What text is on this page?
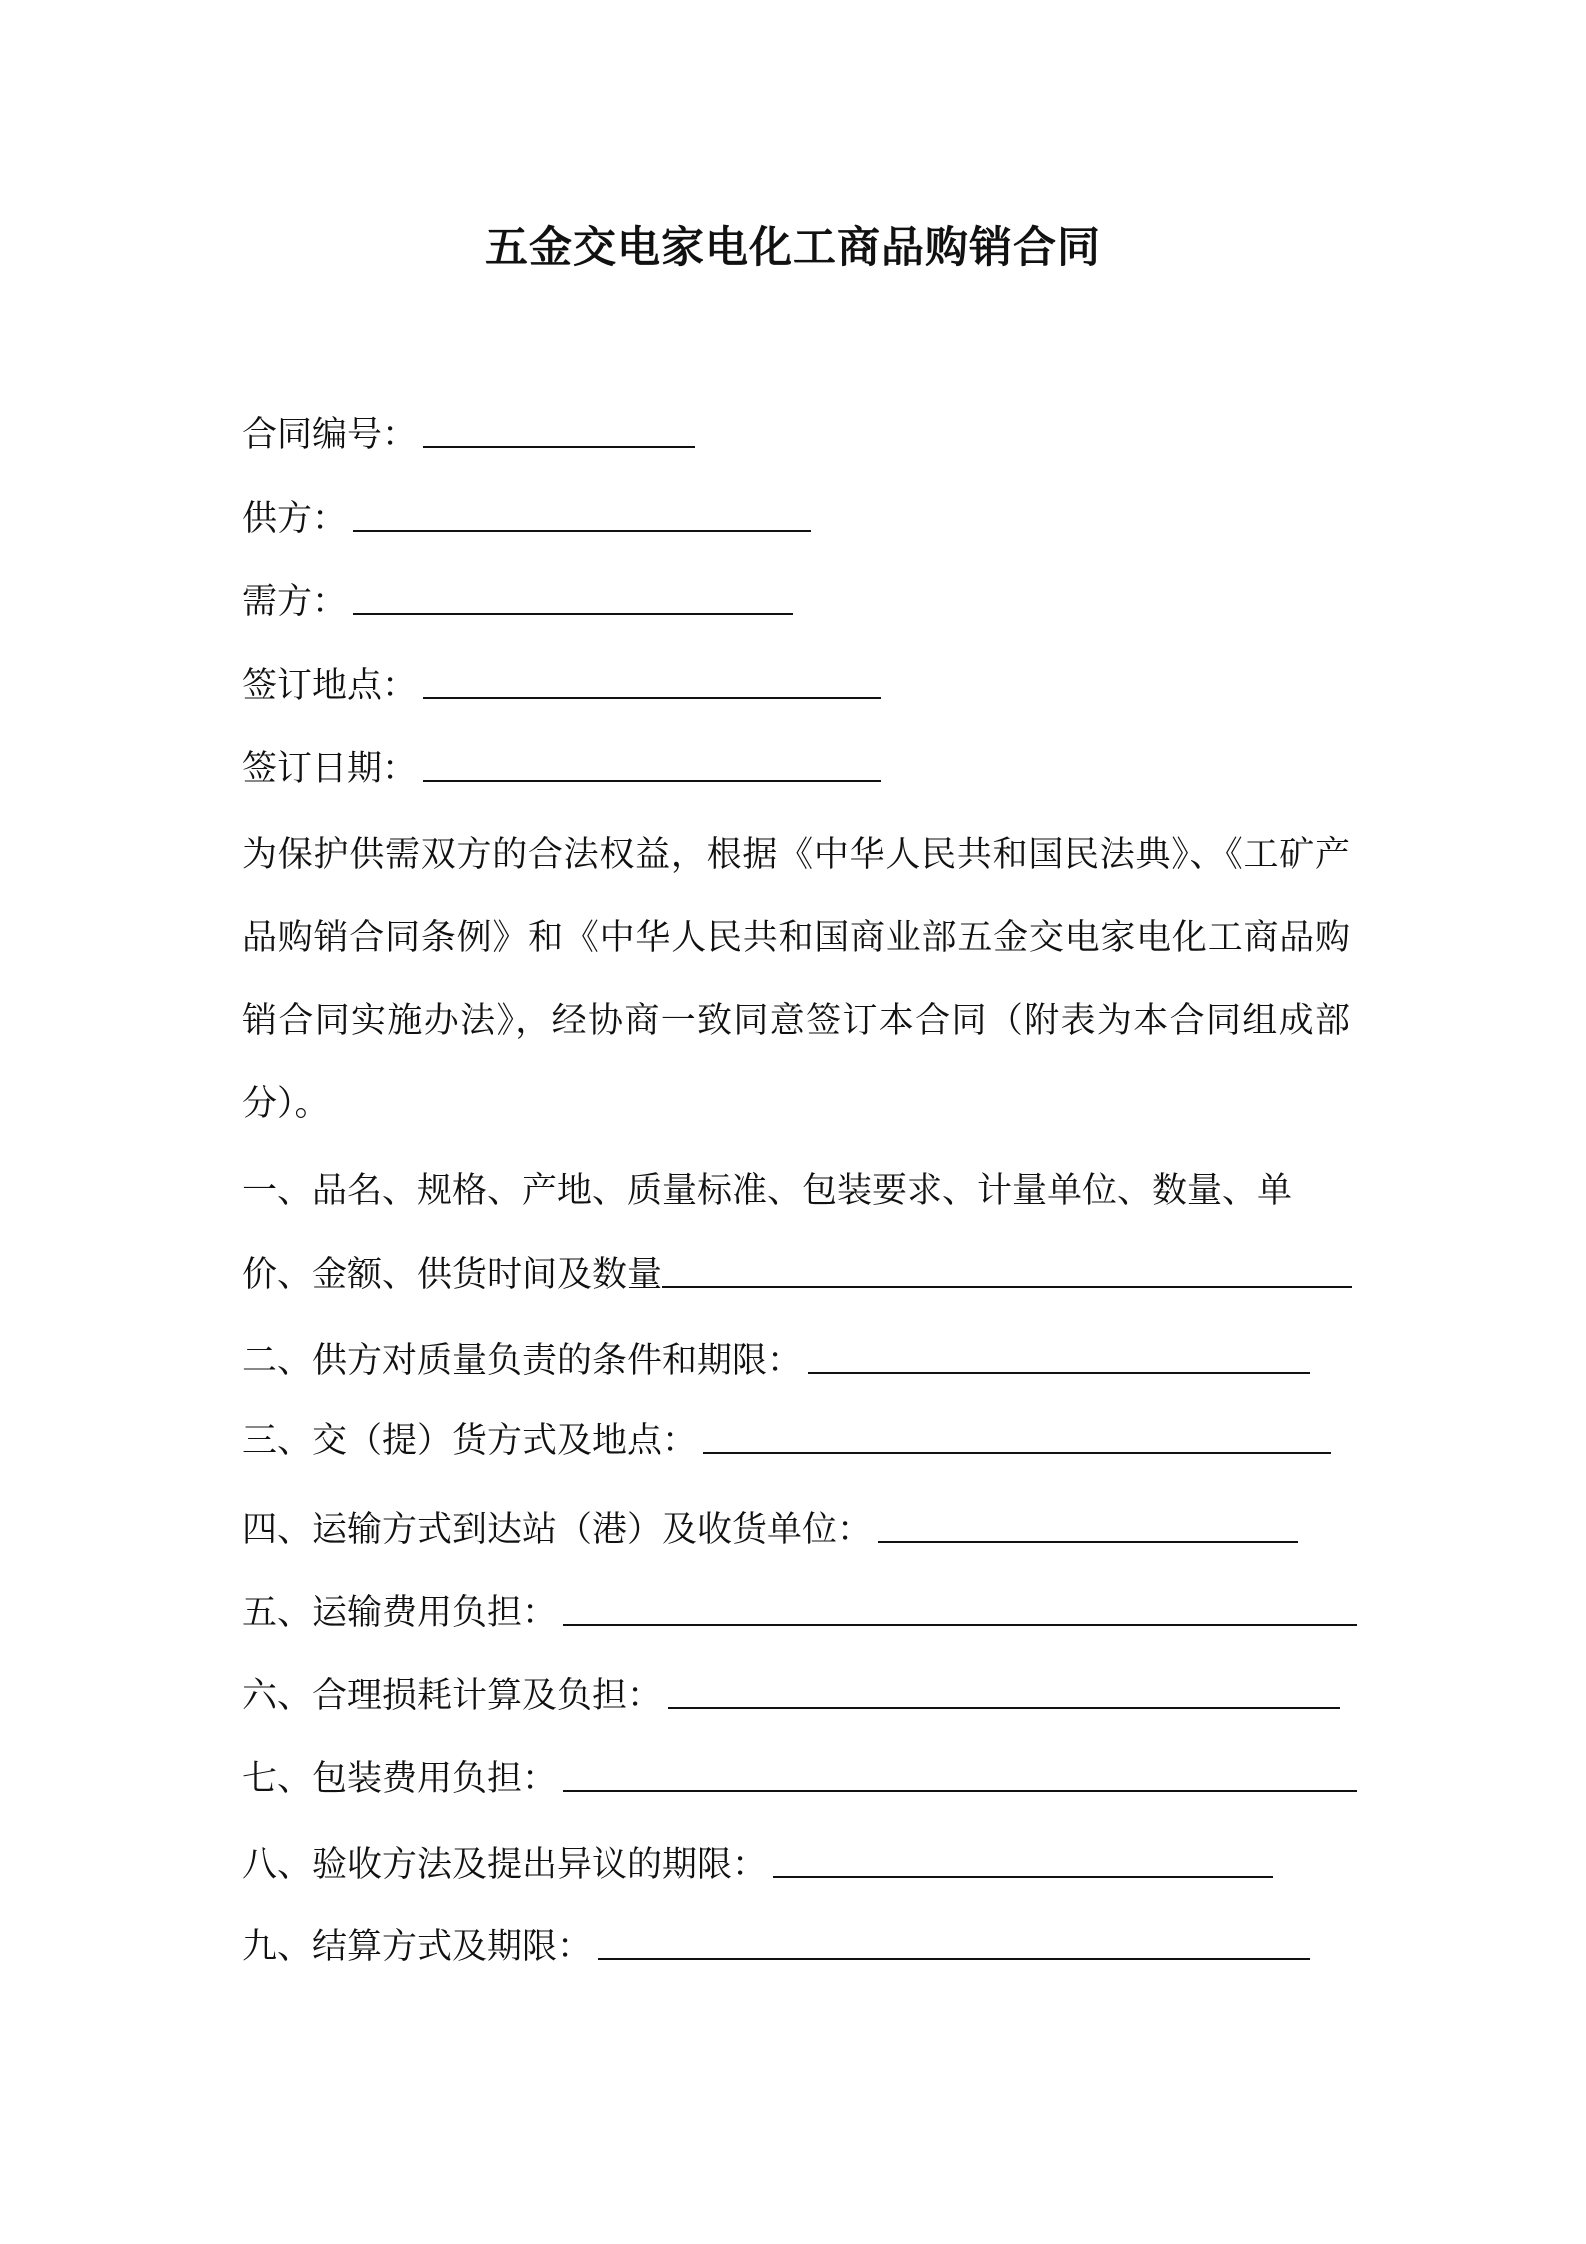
五金交电家电化工商品购销合同
合同编号：
供方：
需方：
签订地点：
签订日期：
为保护供需双方的合法权益，根据《中华人民共和国民法典》、《工矿产品购销合同条例》和《中华人民共和国商业部五金交电家电化工商品购销合同实施办法》，经协商一致同意签订本合同（附表为本合同组成部分）。
一、品名、规格、产地、质量标准、包装要求、计量单位、数量、单
价、金额、供货时间及数量
二、供方对质量负责的条件和期限：
三、交（提）货方式及地点：
四、运输方式到达站（港）及收货单位：
五、运输费用负担：
六、合理损耗计算及负担：
七、包装费用负担：
八、验收方法及提出异议的期限：
九、结算方式及期限：
